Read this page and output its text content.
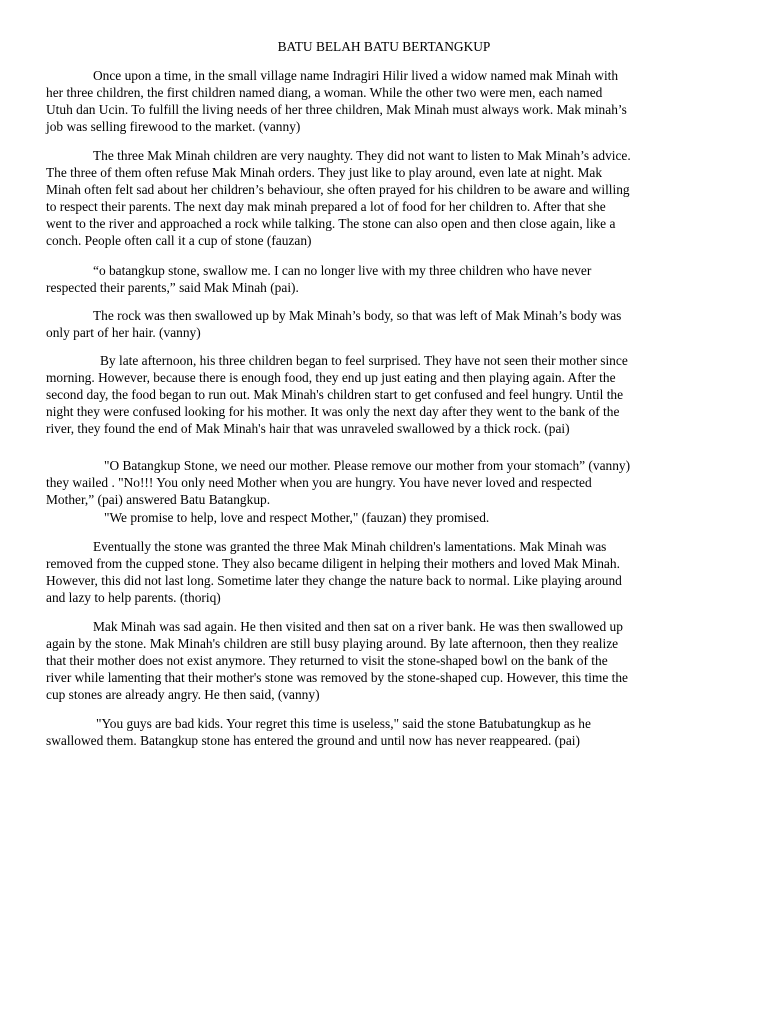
BATU BELAH BATU BERTANGKUP
Once upon a time, in the small village name Indragiri Hilir lived a widow named mak Minah with
her three children, the first children named diang, a woman. While the other two were men, each named
Utuh dan Ucin. To fulfill the living needs of her three children, Mak Minah must always work. Mak minah’s
job was selling firewood to the market. (vanny)
The three Mak Minah children are very naughty. They did not want to listen to Mak Minah’s advice.
The three of them often refuse Mak Minah orders. They just like to play around, even late at night. Mak
Minah often felt sad about her children’s behaviour, she often prayed for his children to be aware and willing
to respect their parents. The next day mak minah prepared a lot of food for her children to. After that she
went to the river and approached a rock while talking. The stone can also open and then close again, like a
conch. People often call it a cup of stone (fauzan)
“o batangkup stone, swallow me. I can no longer live with my three children who have never
respected their parents,” said Mak Minah (pai).
The rock was then swallowed up by Mak Minah’s body, so that was left of Mak Minah’s body was
only part of her hair. (vanny)
By late afternoon, his three children began to feel surprised. They have not seen their mother since
morning. However, because there is enough food, they end up just eating and then playing again. After the
second day, the food began to run out. Mak Minah's children start to get confused and feel hungry. Until the
night they were confused looking for his mother. It was only the next day after they went to the bank of the
river, they found the end of Mak Minah's hair that was unraveled swallowed by a thick rock. (pai)
"O Batangkup Stone, we need our mother. Please remove our mother from your stomach” (vanny)
they wailed . "No!!! You only need Mother when you are hungry. You have never loved and respected
Mother,” (pai) answered Batu Batangkup.
"We promise to help, love and respect Mother," (fauzan) they promised.
Eventually the stone was granted the three Mak Minah children's lamentations. Mak Minah was
removed from the cupped stone. They also became diligent in helping their mothers and loved Mak Minah.
However, this did not last long. Sometime later they change the nature back to normal. Like playing around
and lazy to help parents. (thoriq)
Mak Minah was sad again. He then visited and then sat on a river bank. He was then swallowed up
again by the stone. Mak Minah's children are still busy playing around. By late afternoon, then they realize
that their mother does not exist anymore. They returned to visit the stone-shaped bowl on the bank of the
river while lamenting that their mother's stone was removed by the stone-shaped cup. However, this time the
cup stones are already angry. He then said, (vanny)
"You guys are bad kids. Your regret this time is useless," said the stone Batubatungkup as he
swallowed them. Batangkup stone has entered the ground and until now has never reappeared. (pai)
